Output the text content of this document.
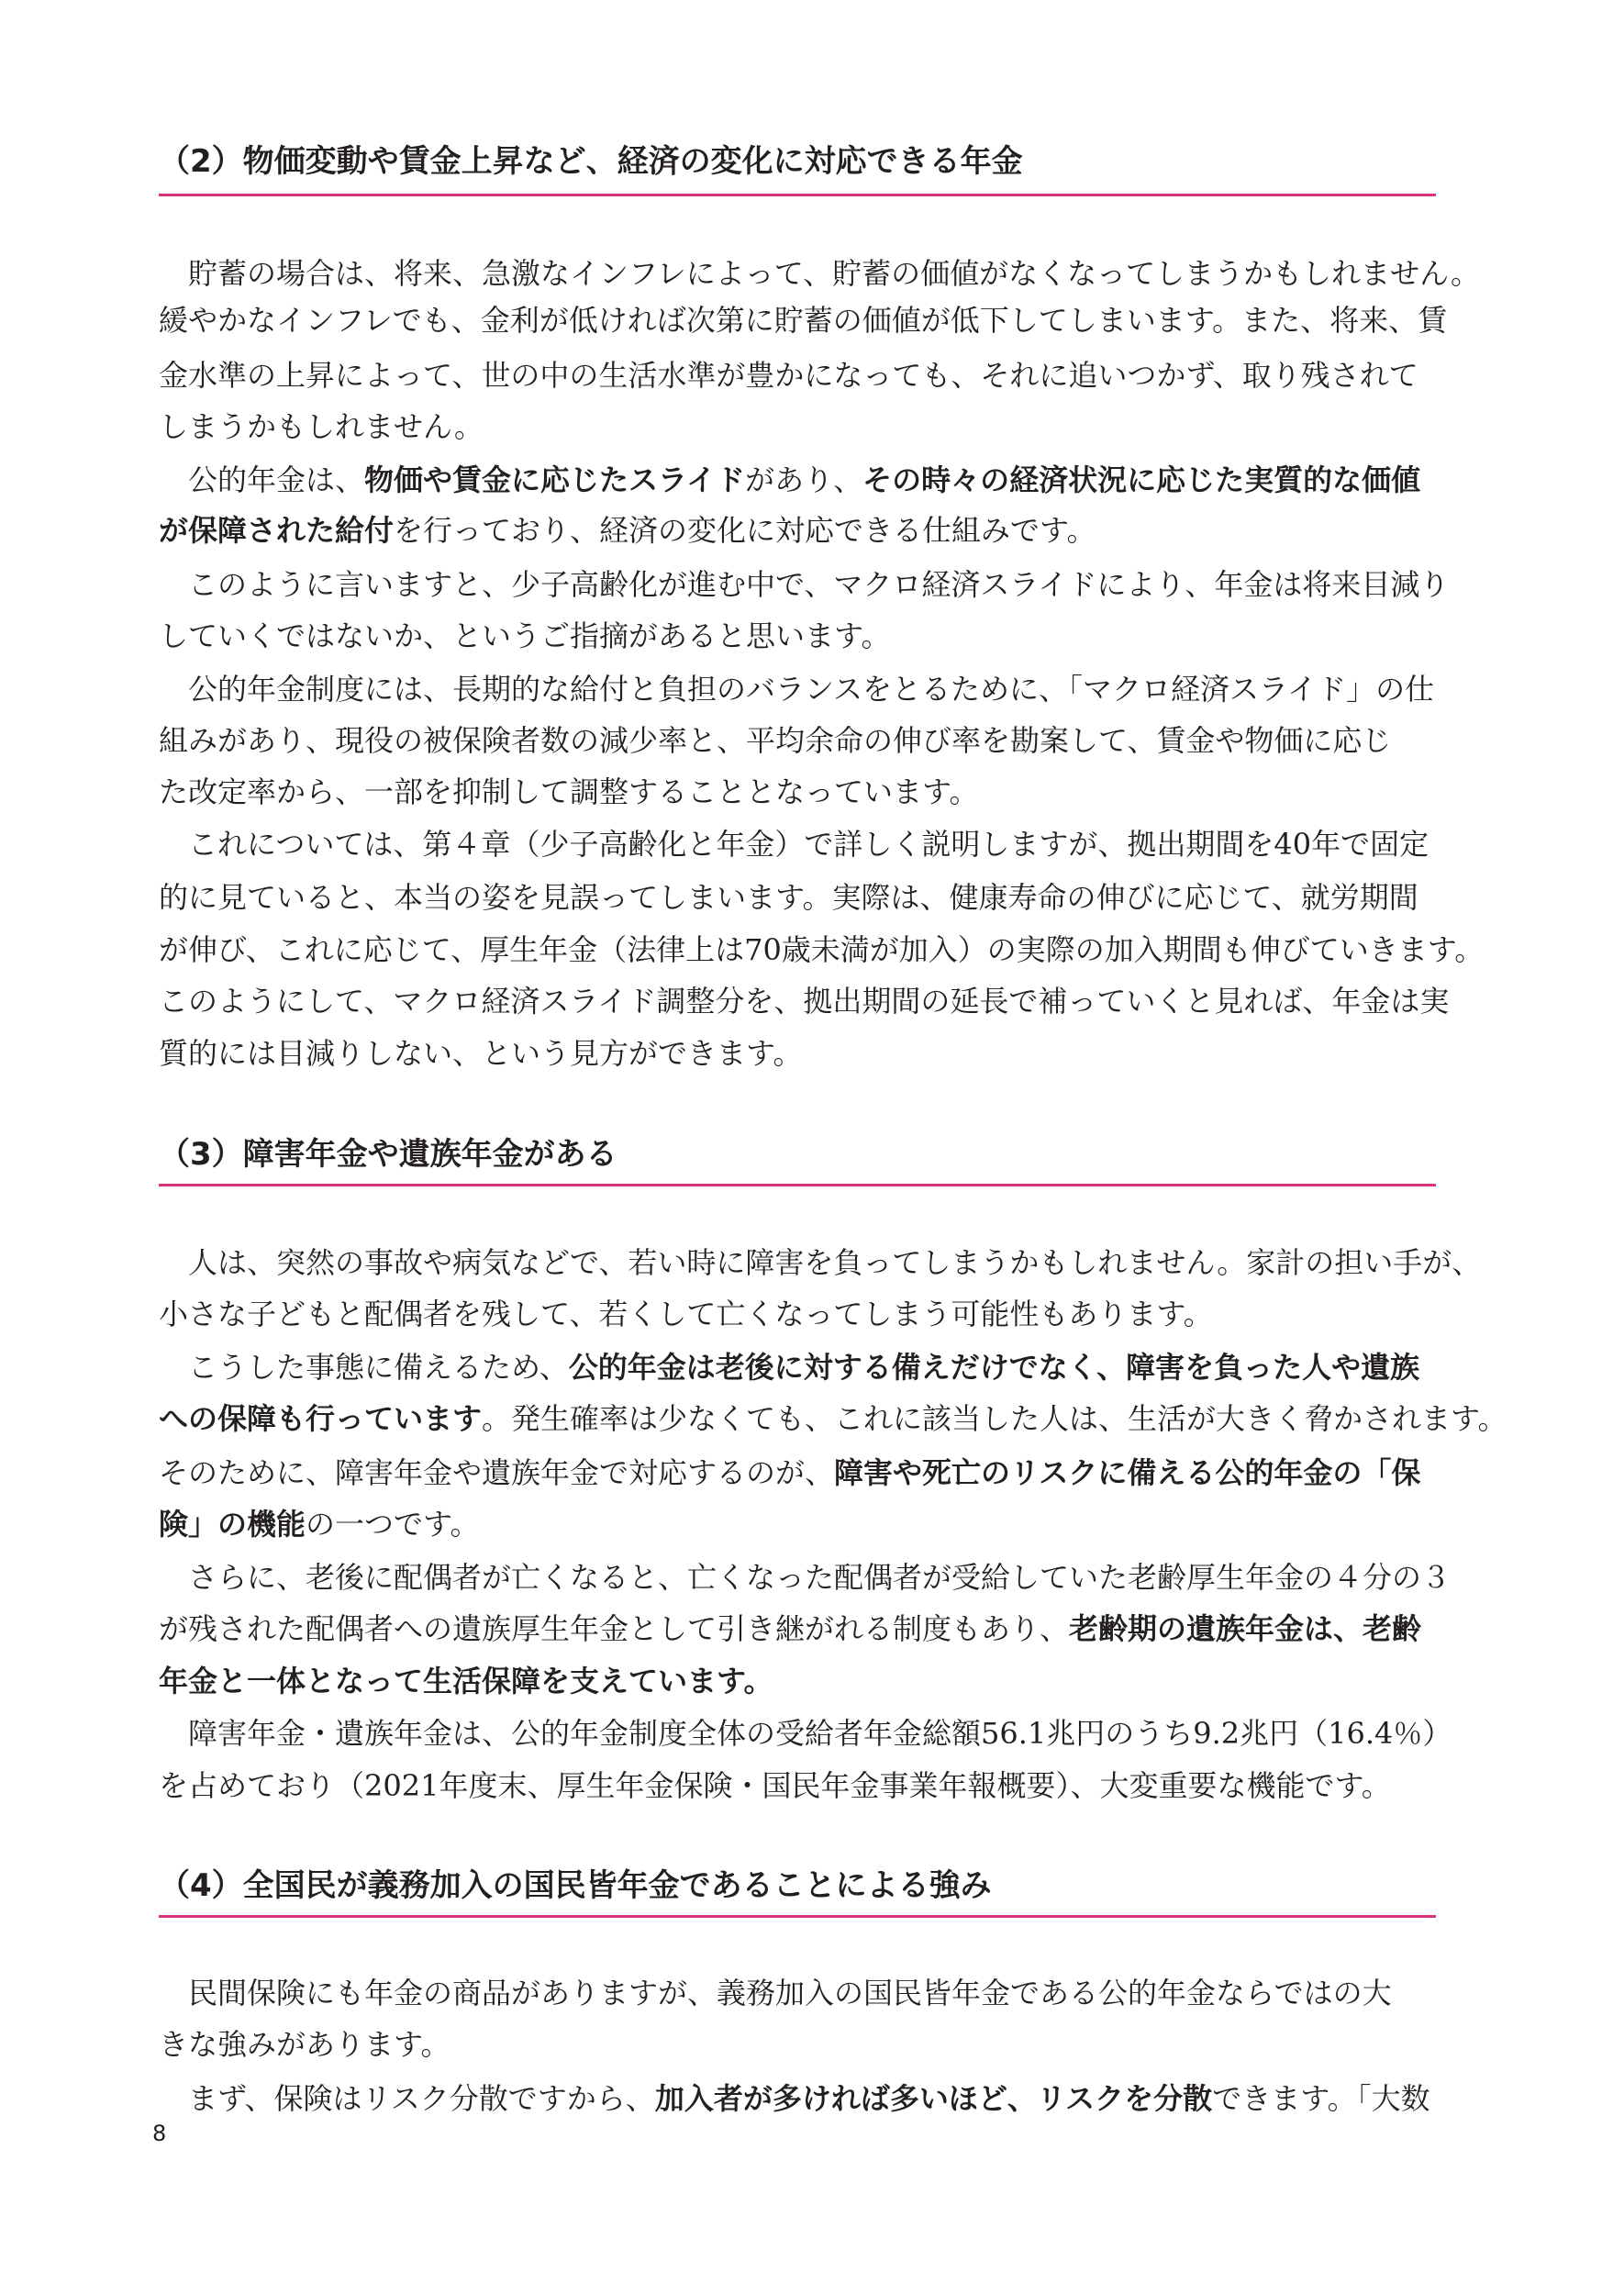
（2）物価変動や賃金上昇など、経済の変化に対応できる年金

貯蓄の場合は、将来、急激なインフレによって、貯蓄の価値がなくなってしまうかもしれません。

緩やかなインフレでも、金利が低ければ次第に貯蓄の価値が低下してしまいます。また、将来、賃

金水準の上昇によって、世の中の生活水準が豊かになっても、それに追いつかず、取り残されて

しまうかもしれません。

公的年金は、物価や賃金に応じたスライドがあり、その時々の経済状況に応じた実質的な価値

が保障された給付を行っており、経済の変化に対応できる仕組みです。

このように言いますと、少子高齢化が進む中で、マクロ経済スライドにより、年金は将来目減り

していくではないか、というご指摘があると思います。

公的年金制度には、長期的な給付と負担のバランスをとるために、「マクロ経済スライド」の仕

組みがあり、現役の被保険者数の減少率と、平均余命の伸び率を勘案して、賃金や物価に応じ

た改定率から、一部を抑制して調整することとなっています。

これについては、第４章（少子高齢化と年金）で詳しく説明しますが、拠出期間を40年で固定

的に見ていると、本当の姿を見誤ってしまいます。実際は、健康寿命の伸びに応じて、就労期間

が伸び、これに応じて、厚生年金（法律上は70歳未満が加入）の実際の加入期間も伸びていきます。

このようにして、マクロ経済スライド調整分を、拠出期間の延長で補っていくと見れば、年金は実

質的には目減りしない、という見方ができます。

（3）障害年金や遺族年金がある

人は、突然の事故や病気などで、若い時に障害を負ってしまうかもしれません。家計の担い手が、

小さな子どもと配偶者を残して、若くして亡くなってしまう可能性もあります。

こうした事態に備えるため、公的年金は老後に対する備えだけでなく、障害を負った人や遺族

への保障も行っています。発生確率は少なくても、これに該当した人は、生活が大きく脅かされます。

そのために、障害年金や遺族年金で対応するのが、障害や死亡のリスクに備える公的年金の「保

険」の機能の一つです。

さらに、老後に配偶者が亡くなると、亡くなった配偶者が受給していた老齢厚生年金の４分の３

が残された配偶者への遺族厚生年金として引き継がれる制度もあり、老齢期の遺族年金は、老齢

年金と一体となって生活保障を支えています。

障害年金・遺族年金は、公的年金制度全体の受給者年金総額56.1兆円のうち9.2兆円（16.4％）

を占めており（2021年度末、厚生年金保険・国民年金事業年報概要）、大変重要な機能です。

（4）全国民が義務加入の国民皆年金であることによる強み

民間保険にも年金の商品がありますが、義務加入の国民皆年金である公的年金ならではの大

きな強みがあります。

まず、保険はリスク分散ですから、加入者が多ければ多いほど、リスクを分散できます。「大数

8
